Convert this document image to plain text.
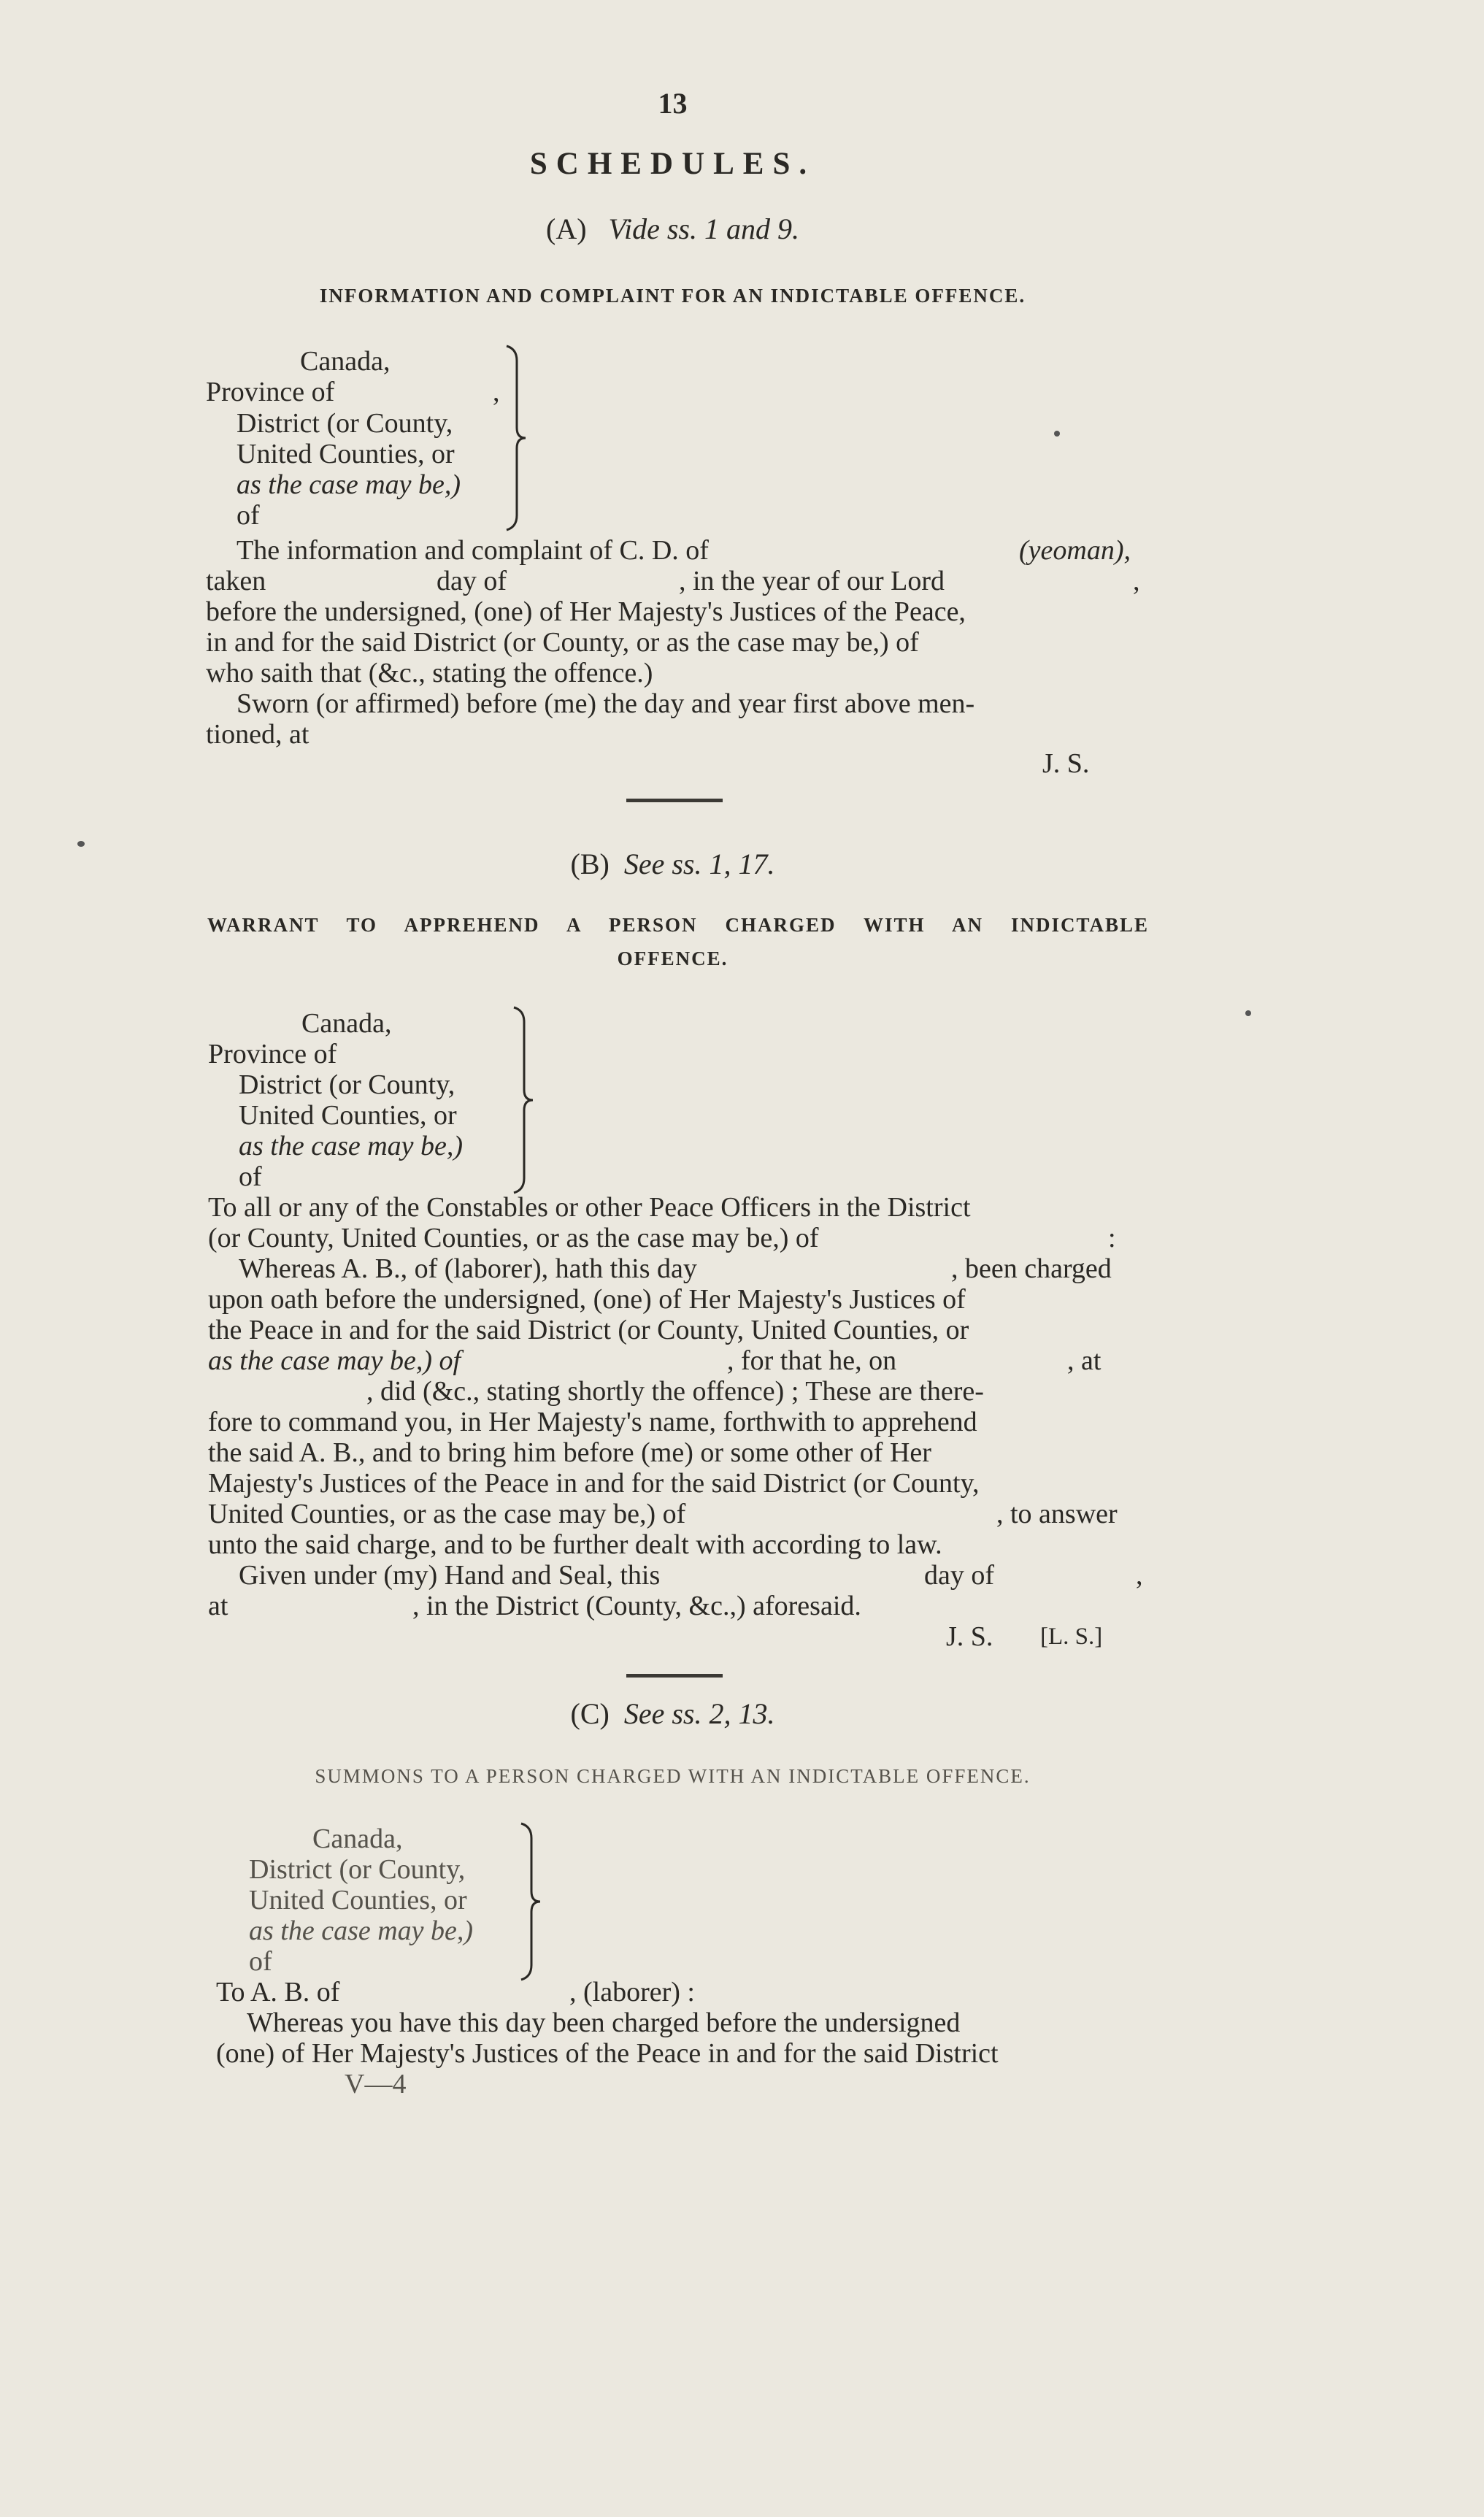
13
SCHEDULES.
(A) Vide ss. 1 and 9.
INFORMATION AND COMPLAINT FOR AN INDICTABLE OFFENCE.
Canada,
Province of	,
District (or County,
United Counties, or
as the case may be,)
of
The information and complaint of C. D. of	(yeoman),
taken	day of	, in the year of our Lord	,
before the undersigned, (one) of Her Majesty's Justices of the Peace,
in and for the said District (or County, or as the case may be,) of
who saith that (&c., stating the offence.)
Sworn (or affirmed) before (me) the day and year first above men-
tioned, at
J. S.
(B) See ss. 1, 17.
WARRANT TO APPREHEND A PERSON CHARGED WITH AN INDICTABLE
OFFENCE.
Canada,
Province of
District (or County,
United Counties, or
as the case may be,)
of
To all or any of the Constables or other Peace Officers in the District
(or County, United Counties, or as the case may be,) of	:
Whereas A. B., of (laborer), hath this day	, been charged
upon oath before the undersigned, (one) of Her Majesty's Justices of
the Peace in and for the said District (or County, United Counties, or
as the case may be,) of	, for that he, on	, at
, did (&c., stating shortly the offence) ; These are there-
fore to command you, in Her Majesty's name, forthwith to apprehend
the said A. B., and to bring him before (me) or some other of Her
Majesty's Justices of the Peace in and for the said District (or County,
United Counties, or as the case may be,) of	, to answer
unto the said charge, and to be further dealt with according to law.
Given under (my) Hand and Seal, this	day of	,
at	, in the District (County, &c.,) aforesaid.
J. S. [L. S.]
(C) See ss. 2, 13.
SUMMONS TO A PERSON CHARGED WITH AN INDICTABLE OFFENCE.
Canada,
District (or County,
United Counties, or
as the case may be,)
of
To A. B. of	, (laborer) :
Whereas you have this day been charged before the undersigned
(one) of Her Majesty's Justices of the Peace in and for the said District
V—4
